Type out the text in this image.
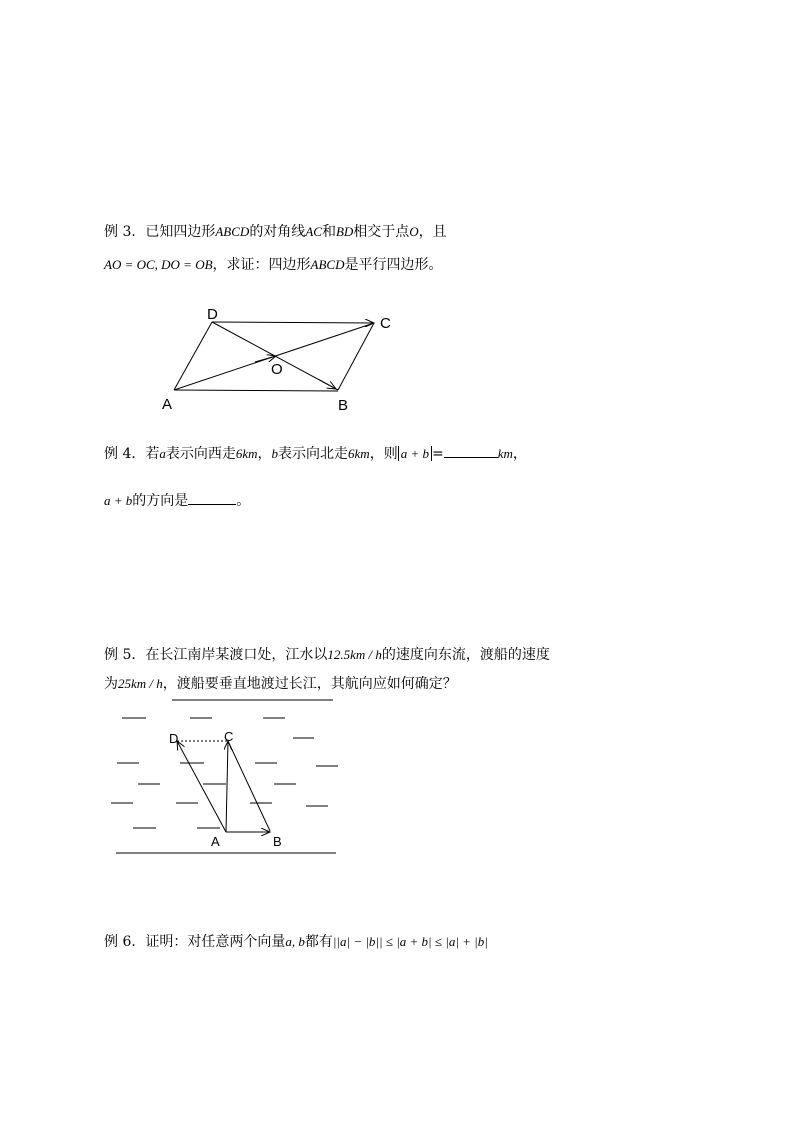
例 3．已知四边形ABCD的对角线AC和BD相交于点O，且
AO = OC, DO = OB，求证：四边形ABCD是平行四边形。
D
C
O
A	B
例 4．若a表示向西走6km，b表示向北走6km，则 a + b =	km，
a + b的方向是	。
例 5．在长江南岸某渡口处，江水以12.5km / h的速度向东流，渡船的速度
为25km / h，渡船要垂直地渡过长江，其航向应如何确定？
D	C
A	B
例 6．证明：对任意两个向量a, b都有||a| − |b|| ≤ |a + b| ≤ |a| + |b|
